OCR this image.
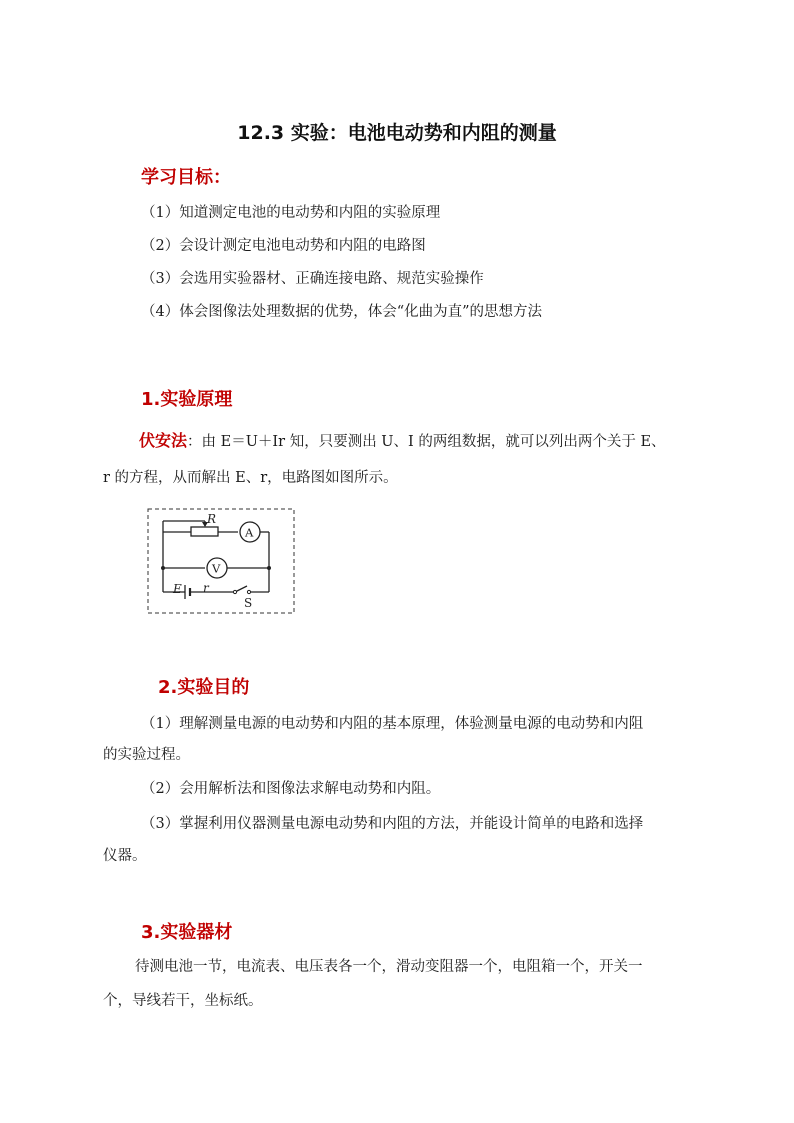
12.3 实验：电池电动势和内阻的测量
学习目标：
（1）知道测定电池的电动势和内阻的实验原理
（2）会设计测定电池电动势和内阻的电路图
（3）会选用实验器材、正确连接电路、规范实验操作
（4）体会图像法处理数据的优势，体会“化曲为直”的思想方法
1.实验原理
伏安法：由 E＝U＋Ir 知，只要测出 U、I 的两组数据，就可以列出两个关于 E、
r 的方程，从而解出 E、r，电路图如图所示。
R
A
V
E r
S
2.实验目的
（1）理解测量电源的电动势和内阻的基本原理，体验测量电源的电动势和内阻
的实验过程。
（2）会用解析法和图像法求解电动势和内阻。
（3）掌握利用仪器测量电源电动势和内阻的方法，并能设计简单的电路和选择
仪器。
3.实验器材
待测电池一节，电流表、电压表各一个，滑动变阻器一个，电阻箱一个，开关一
个，导线若干，坐标纸。
